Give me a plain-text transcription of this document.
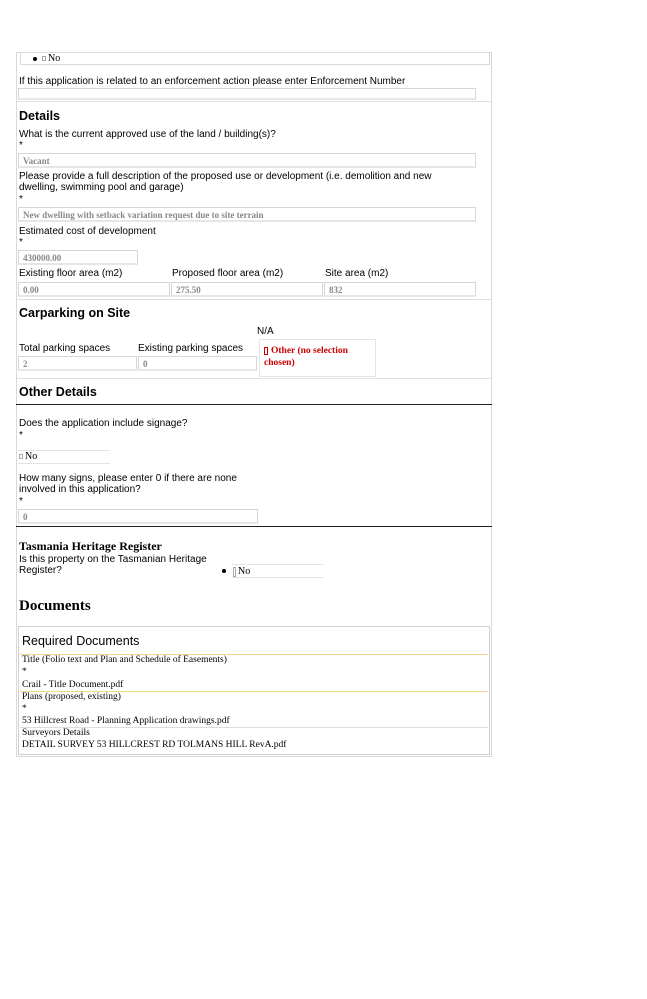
No
If this application is related to an enforcement action please enter Enforcement Number
Details
What is the current approved use of the land / building(s)?
*
Vacant
Please provide a full description of the proposed use or development (i.e. demolition and new dwelling, swimming pool and garage)
*
New dwelling with setback variation request due to site terrain
Estimated cost of development
*
430000.00
Existing floor area (m2)	Proposed floor area (m2)	Site area (m2)
0.00	275.50	832
Carparking on Site
N/A
Total parking spaces	Existing parking spaces
2	0
Other (no selection chosen)
Other Details
Does the application include signage?
*
No
How many signs, please enter 0 if there are none involved in this application?
*
0
Tasmania Heritage Register
Is this property on the Tasmanian Heritage Register?	No
Documents
Required Documents
Title (Folio text and Plan and Schedule of Easements)
*
Crail - Title Document.pdf
Plans (proposed, existing)
*
53 Hillcrest Road - Planning Application drawings.pdf
Surveyors Details
DETAIL SURVEY 53 HILLCREST RD TOLMANS HILL RevA.pdf
